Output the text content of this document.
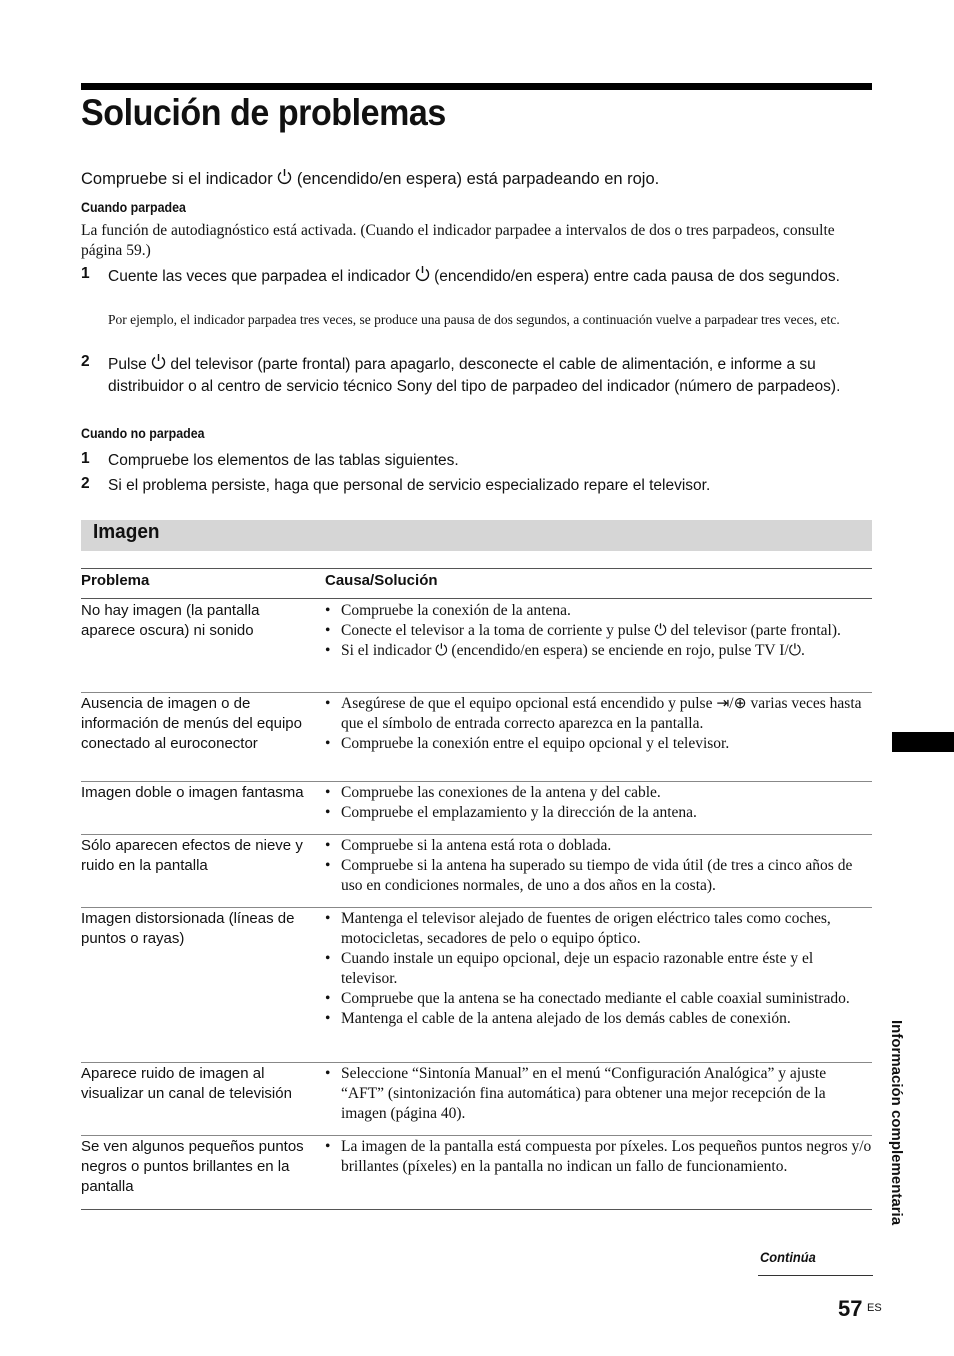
Solución de problemas
Compruebe si el indicador (encendido/en espera) está parpadeando en rojo.
Cuando parpadea
La función de autodiagnóstico está activada. (Cuando el indicador parpadee a intervalos de dos o tres parpadeos, consulte página 59.)
1 Cuente las veces que parpadea el indicador (encendido/en espera) entre cada pausa de dos segundos.
Por ejemplo, el indicador parpadea tres veces, se produce una pausa de dos segundos, a continuación vuelve a parpadear tres veces, etc.
2 Pulse del televisor (parte frontal) para apagarlo, desconecte el cable de alimentación, e informe a su distribuidor o al centro de servicio técnico Sony del tipo de parpadeo del indicador (número de parpadeos).
Cuando no parpadea
1 Compruebe los elementos de las tablas siguientes.
2 Si el problema persiste, haga que personal de servicio especializado repare el televisor.
Imagen
Problema	Causa/Solución
No hay imagen (la pantalla aparece oscura) ni sonido
• Compruebe la conexión de la antena.
• Conecte el televisor a la toma de corriente y pulse ⏻ del televisor (parte frontal).
• Si el indicador ⏻ (encendido/en espera) se enciende en rojo, pulse TV I/⏻.
Ausencia de imagen o de información de menús del equipo conectado al euroconector
• Asegúrese de que el equipo opcional está encendido y pulse ⇥/⊕ varias veces hasta que el símbolo de entrada correcto aparezca en la pantalla.
• Compruebe la conexión entre el equipo opcional y el televisor.
Imagen doble o imagen fantasma
•	Compruebe las conexiones de la antena y del cable.
• Compruebe el emplazamiento y la dirección de la antena.
Sólo aparecen efectos de nieve y ruido en la pantalla
• Compruebe si la antena está rota o doblada.
• Compruebe si la antena ha superado su tiempo de vida útil (de tres a cinco años de uso en condiciones normales, de uno a dos años en la costa).
Imagen distorsionada (líneas de puntos o rayas)
• Mantenga el televisor alejado de fuentes de origen eléctrico tales como coches, motocicletas, secadores de pelo o equipo óptico.
• Cuando instale un equipo opcional, deje un espacio razonable entre éste y el televisor.
• Compruebe que la antena se ha conectado mediante el cable coaxial suministrado.
• Mantenga el cable de la antena alejado de los demás cables de conexión.
Aparece ruido de imagen al visualizar un canal de televisión
• Seleccione “Sintonía Manual” en el menú “Configuración Analógica” y ajuste “AFT” (sintonización fina automática) para obtener una mejor recepción de la imagen (página 40).
Se ven algunos pequeños puntos negros o puntos brillantes en la pantalla
• La imagen de la pantalla está compuesta por píxeles. Los pequeños puntos negros y/o brillantes (píxeles) en la pantalla no indican un fallo de funcionamiento.
Continúa
57 ES
Información complementaria
